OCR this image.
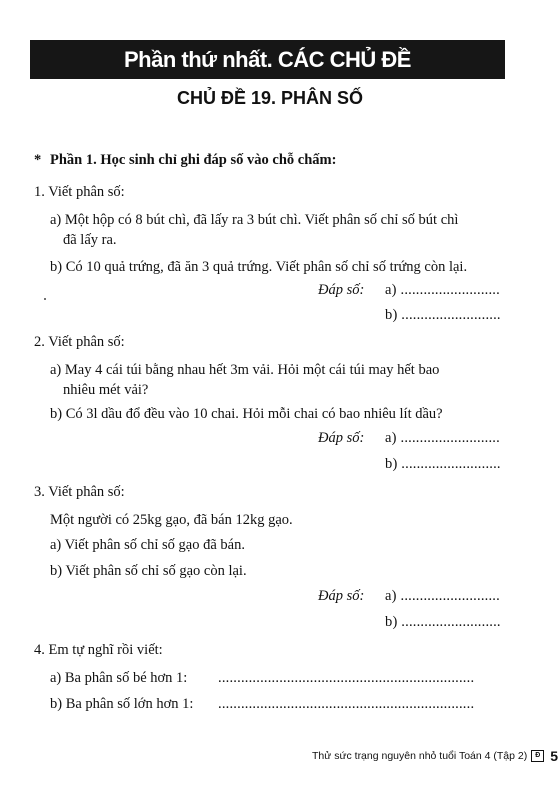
Phần thứ nhất. CÁC CHỦ ĐỀ
CHỦ ĐỀ 19. PHÂN SỐ
* Phần 1. Học sinh chỉ ghi đáp số vào chỗ chấm:
1. Viết phân số:
a) Một hộp có 8 bút chì, đã lấy ra 3 bút chì. Viết phân số chỉ số bút chì
đã lấy ra.
b) Có 10 quả trứng, đã ăn 3 quả trứng. Viết phân số chỉ số trứng còn lại.
Đáp số: a) ..........................
b) ..........................
2. Viết phân số:
a) May 4 cái túi bằng nhau hết 3m vải. Hỏi một cái túi may hết bao
nhiêu mét vải?
b) Có 3l dầu đổ đều vào 10 chai. Hỏi mỗi chai có bao nhiêu lít dầu?
Đáp số: a) ..........................
b) ..........................
3. Viết phân số:
Một người có 25kg gạo, đã bán 12kg gạo.
a) Viết phân số chỉ số gạo đã bán.
b) Viết phân số chỉ số gạo còn lại.
Đáp số: a) ..........................
b) ..........................
4. Em tự nghĩ rồi viết:
a) Ba phân số bé hơn 1: ...................................................................
b) Ba phân số lớn hơn 1: ...................................................................
Thử sức trạng nguyên nhỏ tuổi Toán 4 (Tập 2)	Đ 5
